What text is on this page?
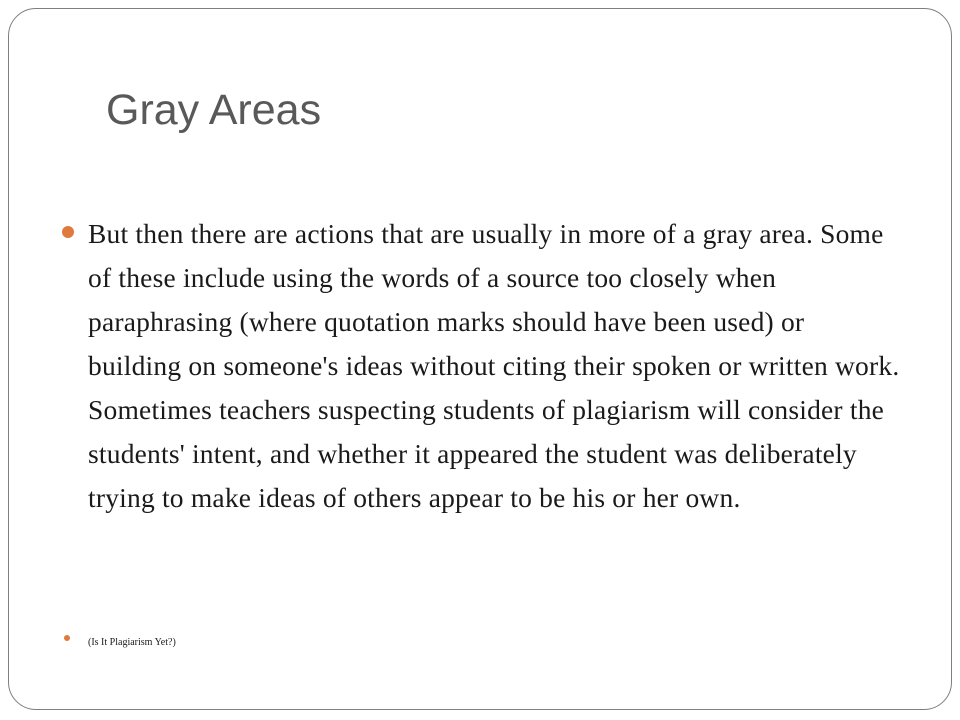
Gray Areas
But then there are actions that are usually in more of a gray area. Some of these include using the words of a source too closely when paraphrasing (where quotation marks should have been used) or building on someone's ideas without citing their spoken or written work. Sometimes teachers suspecting students of plagiarism will consider the students' intent, and whether it appeared the student was deliberately trying to make ideas of others appear to be his or her own.
(Is It Plagiarism Yet?)
